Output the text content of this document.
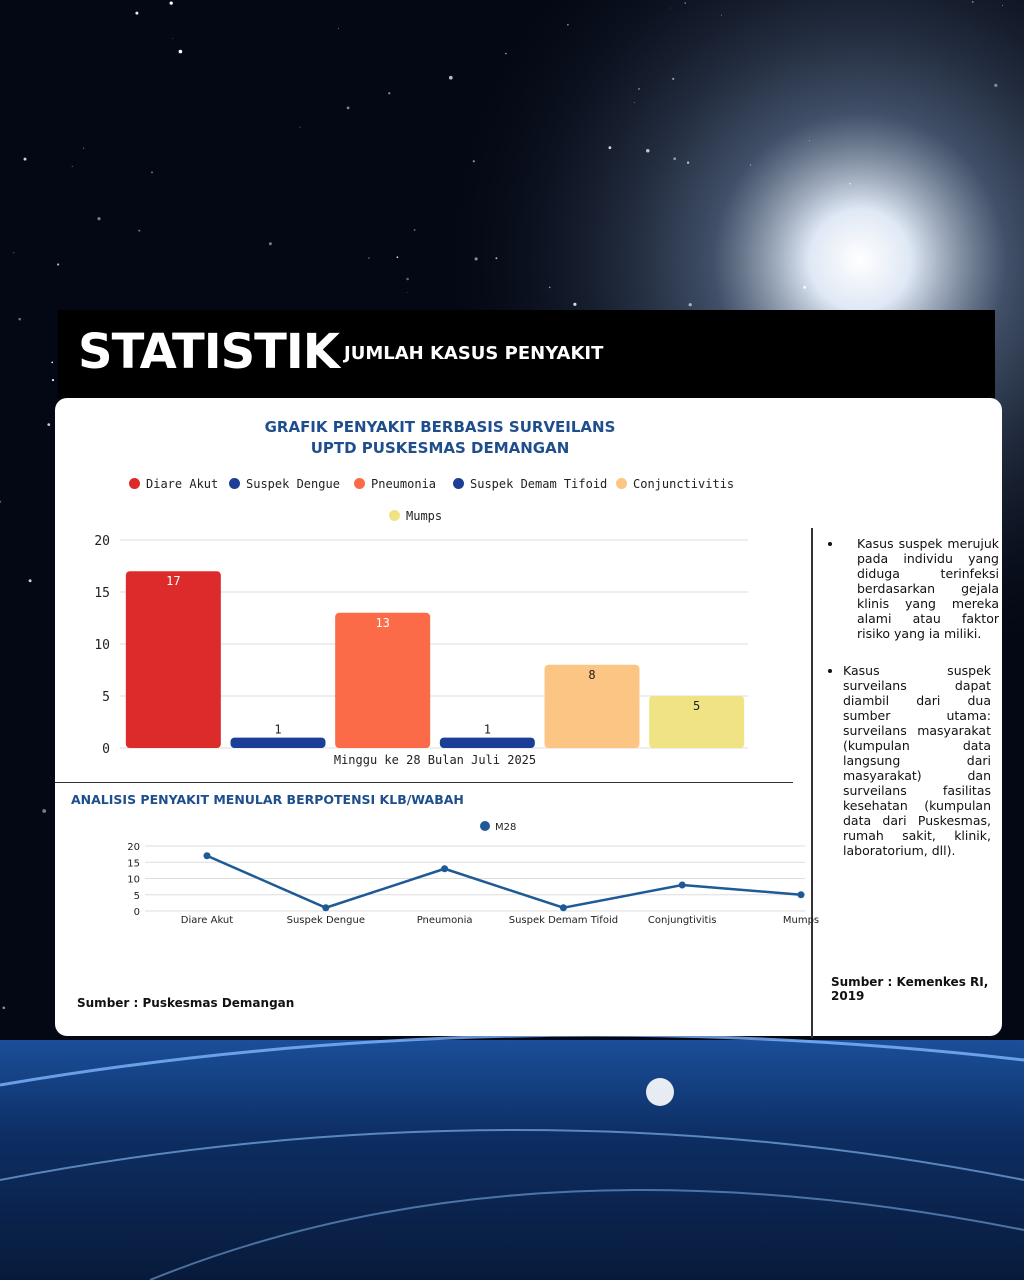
STATISTIK JUMLAH KASUS PENYAKIT
GRAFIK PENYAKIT BERBASIS SURVEILANS
UPTD PUSKESMAS DEMANGAN
Diare Akut	Suspek Dengue	Pneumonia	Suspek Demam Tifoid	Conjunctivitis
Mumps
0
5
10
15
20
17
1
13
1
8
5
Minggu ke 28 Bulan Juli 2025
ANALISIS PENYAKIT MENULAR BERPOTENSI KLB/WABAH
M28
0
5
10
15
20
Diare Akut	Suspek Dengue	Pneumonia	Suspek Demam Tifoid	Conjungtivitis	Mumps
Sumber : Puskesmas Demangan
• Kasus suspek merujuk pada individu yang diduga terinfeksi berdasarkan gejala klinis yang mereka alami atau faktor risiko yang ia miliki.
• Kasus suspek surveilans dapat diambil dari dua sumber utama: surveilans masyarakat (kumpulan data langsung dari masyarakat) dan surveilans fasilitas kesehatan (kumpulan data dari Puskesmas, rumah sakit, klinik, laboratorium, dll).
Sumber : Kemenkes RI, 2019
